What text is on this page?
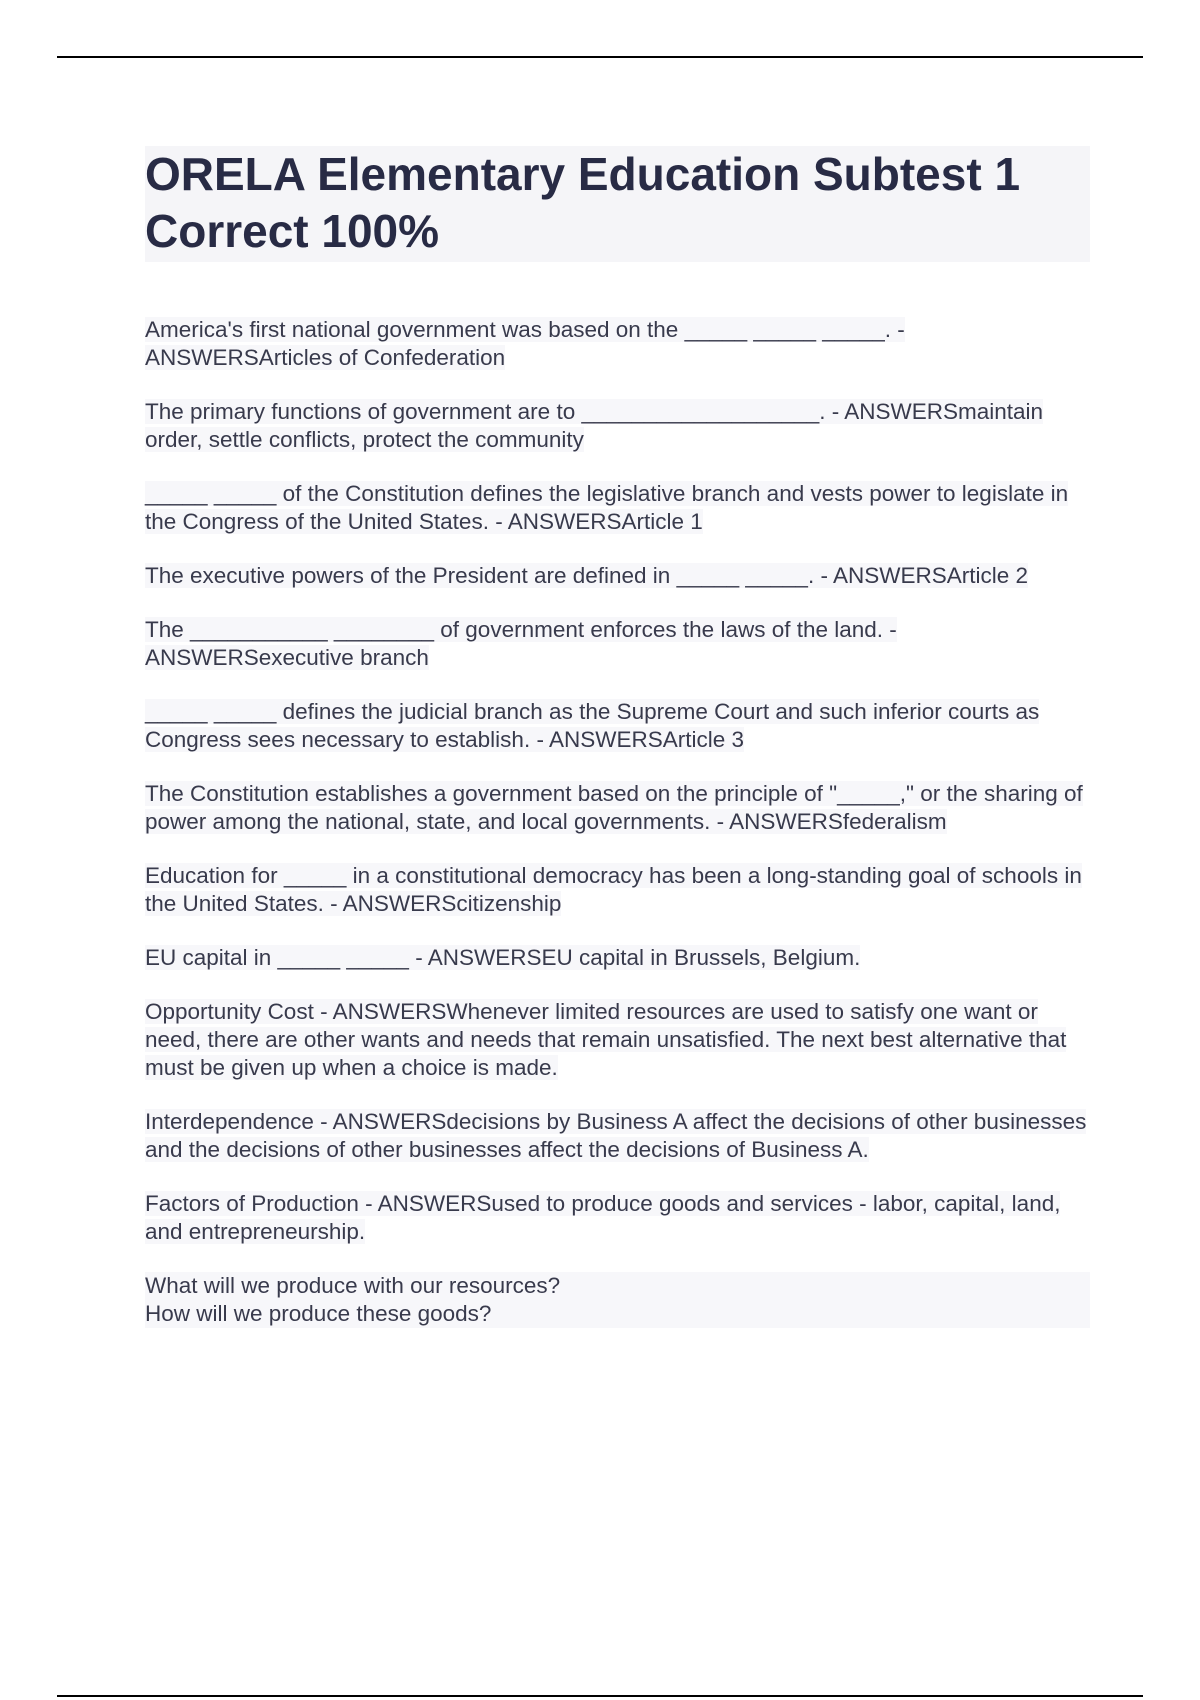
ORELA Elementary Education Subtest 1 Correct 100%

America's first national government was based on the _____ _____ _____. - ANSWERSArticles of Confederation

The primary functions of government are to ___________________. - ANSWERSmaintain order, settle conflicts, protect the community

_____ _____ of the Constitution defines the legislative branch and vests power to legislate in the Congress of the United States. - ANSWERSArticle 1

The executive powers of the President are defined in _____ _____. - ANSWERSArticle 2

The ___________ ________ of government enforces the laws of the land. - ANSWERSexecutive branch

_____ _____ defines the judicial branch as the Supreme Court and such inferior courts as Congress sees necessary to establish. - ANSWERSArticle 3

The Constitution establishes a government based on the principle of "_____," or the sharing of power among the national, state, and local governments. - ANSWERSfederalism

Education for _____ in a constitutional democracy has been a long-standing goal of schools in the United States. - ANSWERScitizenship

EU capital in _____ _____ - ANSWERSEU capital in Brussels, Belgium.

Opportunity Cost - ANSWERSWhenever limited resources are used to satisfy one want or need, there are other wants and needs that remain unsatisfied. The next best alternative that must be given up when a choice is made.

Interdependence - ANSWERSdecisions by Business A affect the decisions of other businesses and the decisions of other businesses affect the decisions of Business A.

Factors of Production - ANSWERSused to produce goods and services - labor, capital, land, and entrepreneurship.

What will we produce with our resources?
How will we produce these goods?
